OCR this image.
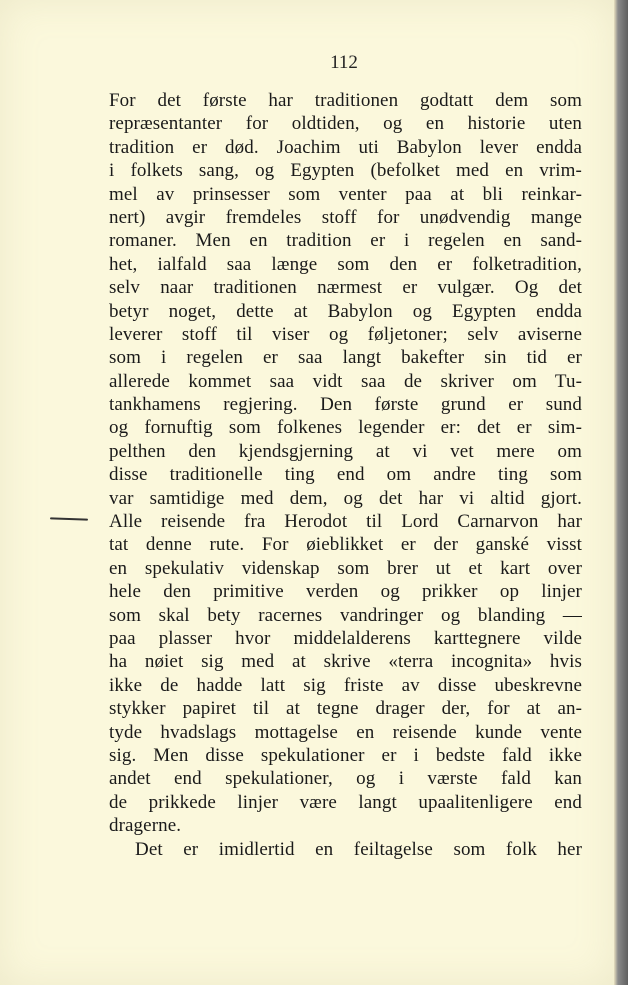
112
For det første har traditionen godtatt dem som
repræsentanter for oldtiden, og en historie uten
tradition er død. Joachim uti Babylon lever endda
i folkets sang, og Egypten (befolket med en vrim-
mel av prinsesser som venter paa at bli reinkar-
nert) avgir fremdeles stoff for unødvendig mange
romaner. Men en tradition er i regelen en sand-
het, ialfald saa længe som den er folketradition,
selv naar traditionen nærmest er vulgær. Og det
betyr noget, dette at Babylon og Egypten endda
leverer stoff til viser og føljetoner; selv aviserne
som i regelen er saa langt bakefter sin tid er
allerede kommet saa vidt saa de skriver om Tu-
tankhamens regjering. Den første grund er sund
og fornuftig som folkenes legender er: det er sim-
pelthen den kjendsgjerning at vi vet mere om
disse traditionelle ting end om andre ting som
var samtidige med dem, og det har vi altid gjort.
Alle reisende fra Herodot til Lord Carnarvon har
tat denne rute. For øieblikket er der ganské visst
en spekulativ videnskap som brer ut et kart over
hele den primitive verden og prikker op linjer
som skal bety racernes vandringer og blanding —
paa plasser hvor middelalderens karttegnere vilde
ha nøiet sig med at skrive «terra incognita» hvis
ikke de hadde latt sig friste av disse ubeskrevne
stykker papiret til at tegne drager der, for at an-
tyde hvadslags mottagelse en reisende kunde vente
sig. Men disse spekulationer er i bedste fald ikke
andet end spekulationer, og i værste fald kan
de prikkede linjer være langt upaalitenligere end
dragerne.
Det er imidlertid en feiltagelse som folk her
